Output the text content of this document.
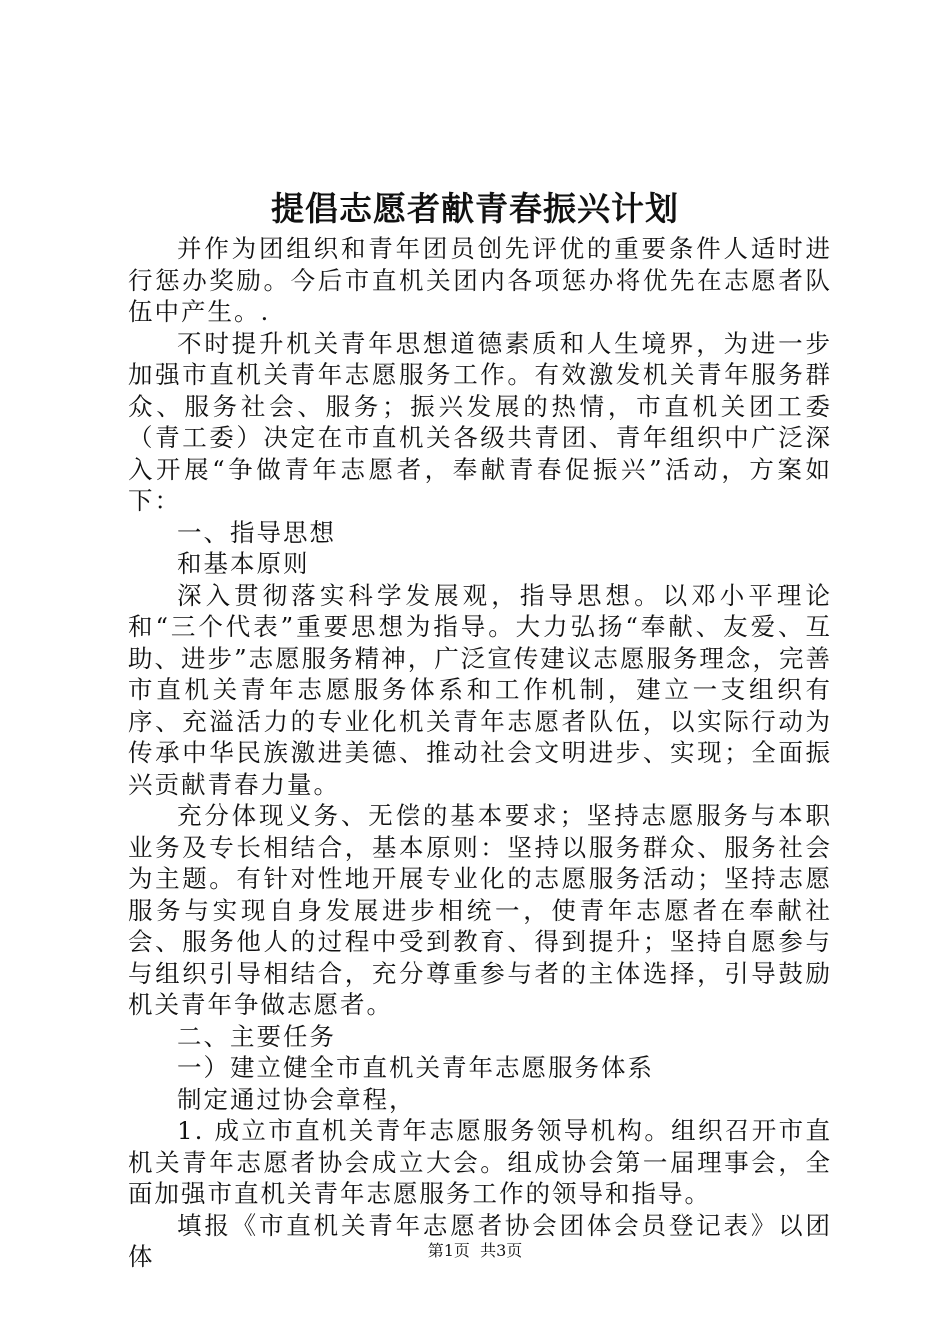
提倡志愿者献青春振兴计划

并作为团组织和青年团员创先评优的重要条件人适时进行惩办奖励。今后市直机关团内各项惩办将优先在志愿者队伍中产生。.

不时提升机关青年思想道德素质和人生境界，为进一步加强市直机关青年志愿服务工作。有效激发机关青年服务群众、服务社会、服务；振兴发展的热情，市直机关团工委（青工委）决定在市直机关各级共青团、青年组织中广泛深入开展“争做青年志愿者，奉献青春促振兴”活动，方案如下：

一、指导思想

和基本原则

深入贯彻落实科学发展观，指导思想。以邓小平理论和“三个代表”重要思想为指导。大力弘扬“奉献、友爱、互助、进步”志愿服务精神，广泛宣传建议志愿服务理念，完善市直机关青年志愿服务体系和工作机制，建立一支组织有序、充溢活力的专业化机关青年志愿者队伍，以实际行动为传承中华民族激进美德、推动社会文明进步、实现；全面振兴贡献青春力量。

充分体现义务、无偿的基本要求；坚持志愿服务与本职业务及专长相结合，基本原则：坚持以服务群众、服务社会为主题。有针对性地开展专业化的志愿服务活动；坚持志愿服务与实现自身发展进步相统一，使青年志愿者在奉献社会、服务他人的过程中受到教育、得到提升；坚持自愿参与与组织引导相结合，充分尊重参与者的主体选择，引导鼓励机关青年争做志愿者。

二、主要任务

一）建立健全市直机关青年志愿服务体系

制定通过协会章程，

1. 成立市直机关青年志愿服务领导机构。组织召开市直机关青年志愿者协会成立大会。组成协会第一届理事会，全面加强市直机关青年志愿服务工作的领导和指导。

填报《市直机关青年志愿者协会团体会员登记表》以团体	第1页 共3页
